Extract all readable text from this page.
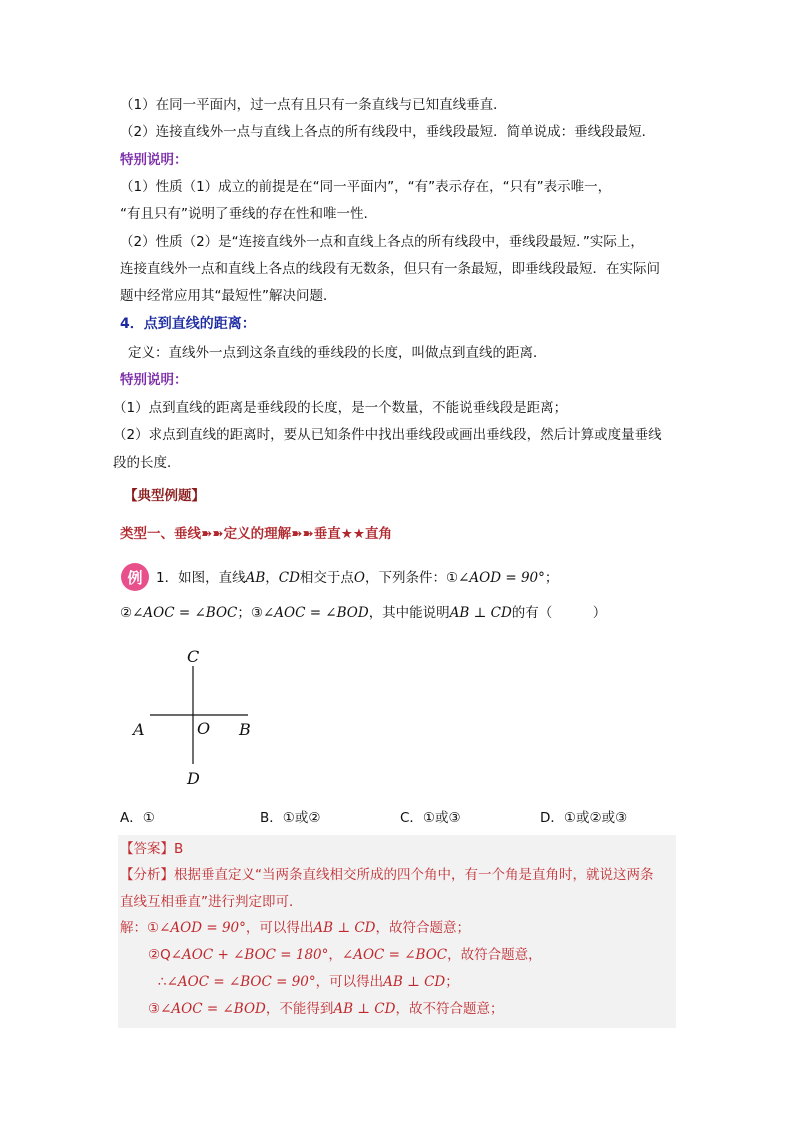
（1）在同一平面内，过一点有且只有一条直线与已知直线垂直．
（2）连接直线外一点与直线上各点的所有线段中，垂线段最短．简单说成：垂线段最短．
特别说明：
（1）性质（1）成立的前提是在“同一平面内”，“有”表示存在，“只有”表示唯一，
“有且只有”说明了垂线的存在性和唯一性.
（2）性质（2）是“连接直线外一点和直线上各点的所有线段中，垂线段最短．”实际上，
连接直线外一点和直线上各点的线段有无数条，但只有一条最短，即垂线段最短．在实际问
题中经常应用其“最短性”解决问题．
4．点到直线的距离：
定义：直线外一点到这条直线的垂线段的长度，叫做点到直线的距离．
特别说明：
（1）点到直线的距离是垂线段的长度，是一个数量，不能说垂线段是距离；
（2）求点到直线的距离时，要从已知条件中找出垂线段或画出垂线段，然后计算或度量垂线
段的长度．
【典型例题】
类型一、垂线➽➽定义的理解➽➽垂直★★直角
例	1．如图，直线AB，CD相交于点O，下列条件：①∠AOD = 90°；
②∠AOC = ∠BOC；③∠AOC = ∠BOD，其中能说明AB ⊥ CD的有（　　　）
C
D
A	B
O
A．①	B．①或②	C．①或③	D．①或②或③
【答案】B
【分析】根据垂直定义“当两条直线相交所成的四个角中，有一个角是直角时，就说这两条
直线互相垂直”进行判定即可．
解：①∠AOD = 90°，可以得出AB ⊥ CD，故符合题意；
②Q∠AOC + ∠BOC = 180°，∠AOC = ∠BOC，故符合题意，
∴∠AOC = ∠BOC = 90°，可以得出AB ⊥ CD；
③∠AOC = ∠BOD，不能得到AB ⊥ CD，故不符合题意；
